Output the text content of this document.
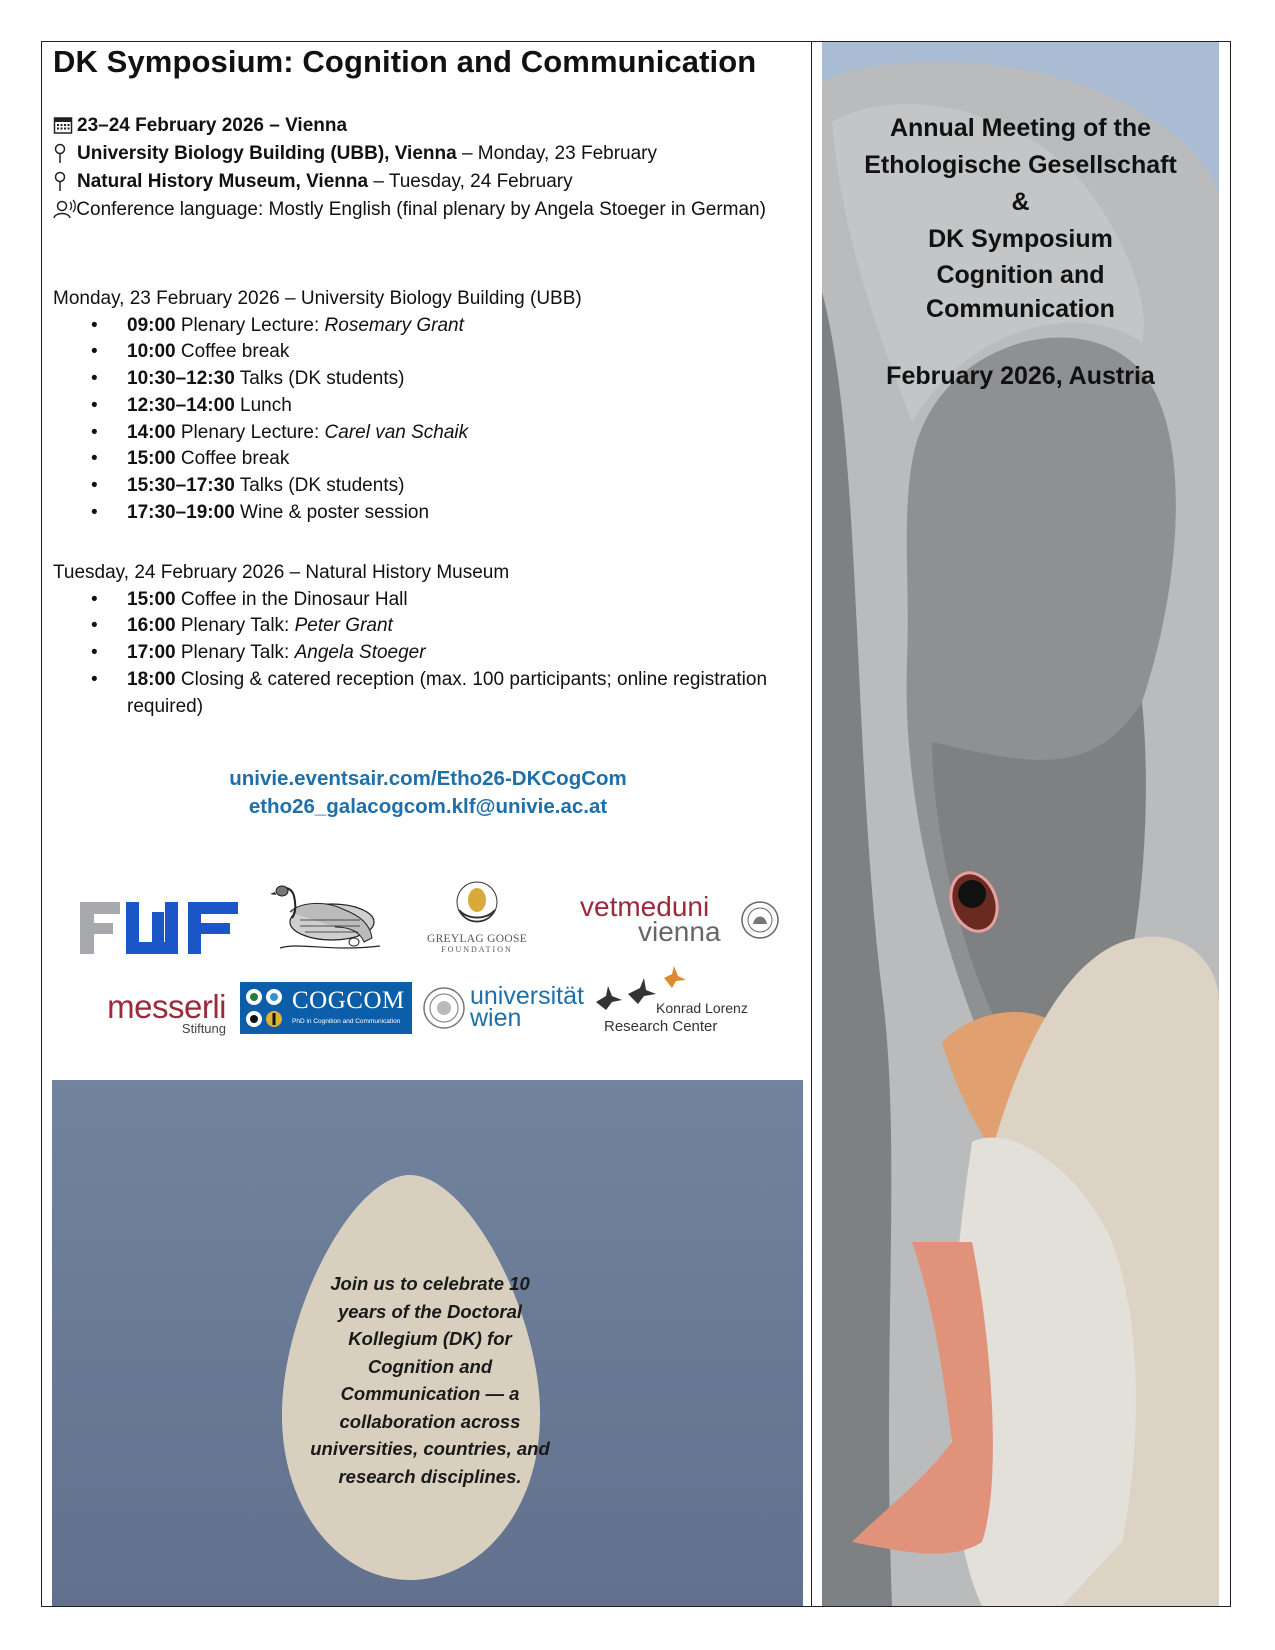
DK Symposium: Cognition and Communication
23–24 February 2026 – Vienna
University Biology Building (UBB), Vienna – Monday, 23 February
Natural History Museum, Vienna – Tuesday, 24 February
Conference language: Mostly English (final plenary by Angela Stoeger in German)
Monday, 23 February 2026 – University Biology Building (UBB)
• 09:00 Plenary Lecture: Rosemary Grant
• 10:00 Coffee break
• 10:30–12:30 Talks (DK students)
• 12:30–14:00 Lunch
• 14:00 Plenary Lecture: Carel van Schaik
• 15:00 Coffee break
• 15:30–17:30 Talks (DK students)
• 17:30–19:00 Wine & poster session
Tuesday, 24 February 2026 – Natural History Museum
• 15:00 Coffee in the Dinosaur Hall
• 16:00 Plenary Talk: Peter Grant
• 17:00 Plenary Talk: Angela Stoeger
• 18:00 Closing & catered reception (max. 100 participants; online registration required)
univie.eventsair.com/Etho26-DKCogCom
etho26_galacogcom.klf@univie.ac.at
GREYLAG GOOSE
FOUNDATION
vetmeduni
vienna
messerli
Stiftung
COGCOM
PhD in Cognition and Communication
universität
wien	Konrad Lorenz
Research Center
Join us to celebrate 10 years of the Doctoral Kollegium (DK) for Cognition and Communication — a collaboration across universities, countries, and research disciplines.
Annual Meeting of the
Ethologische Gesellschaft
&
DK Symposium
Cognition and
Communication
February 2026, Austria
